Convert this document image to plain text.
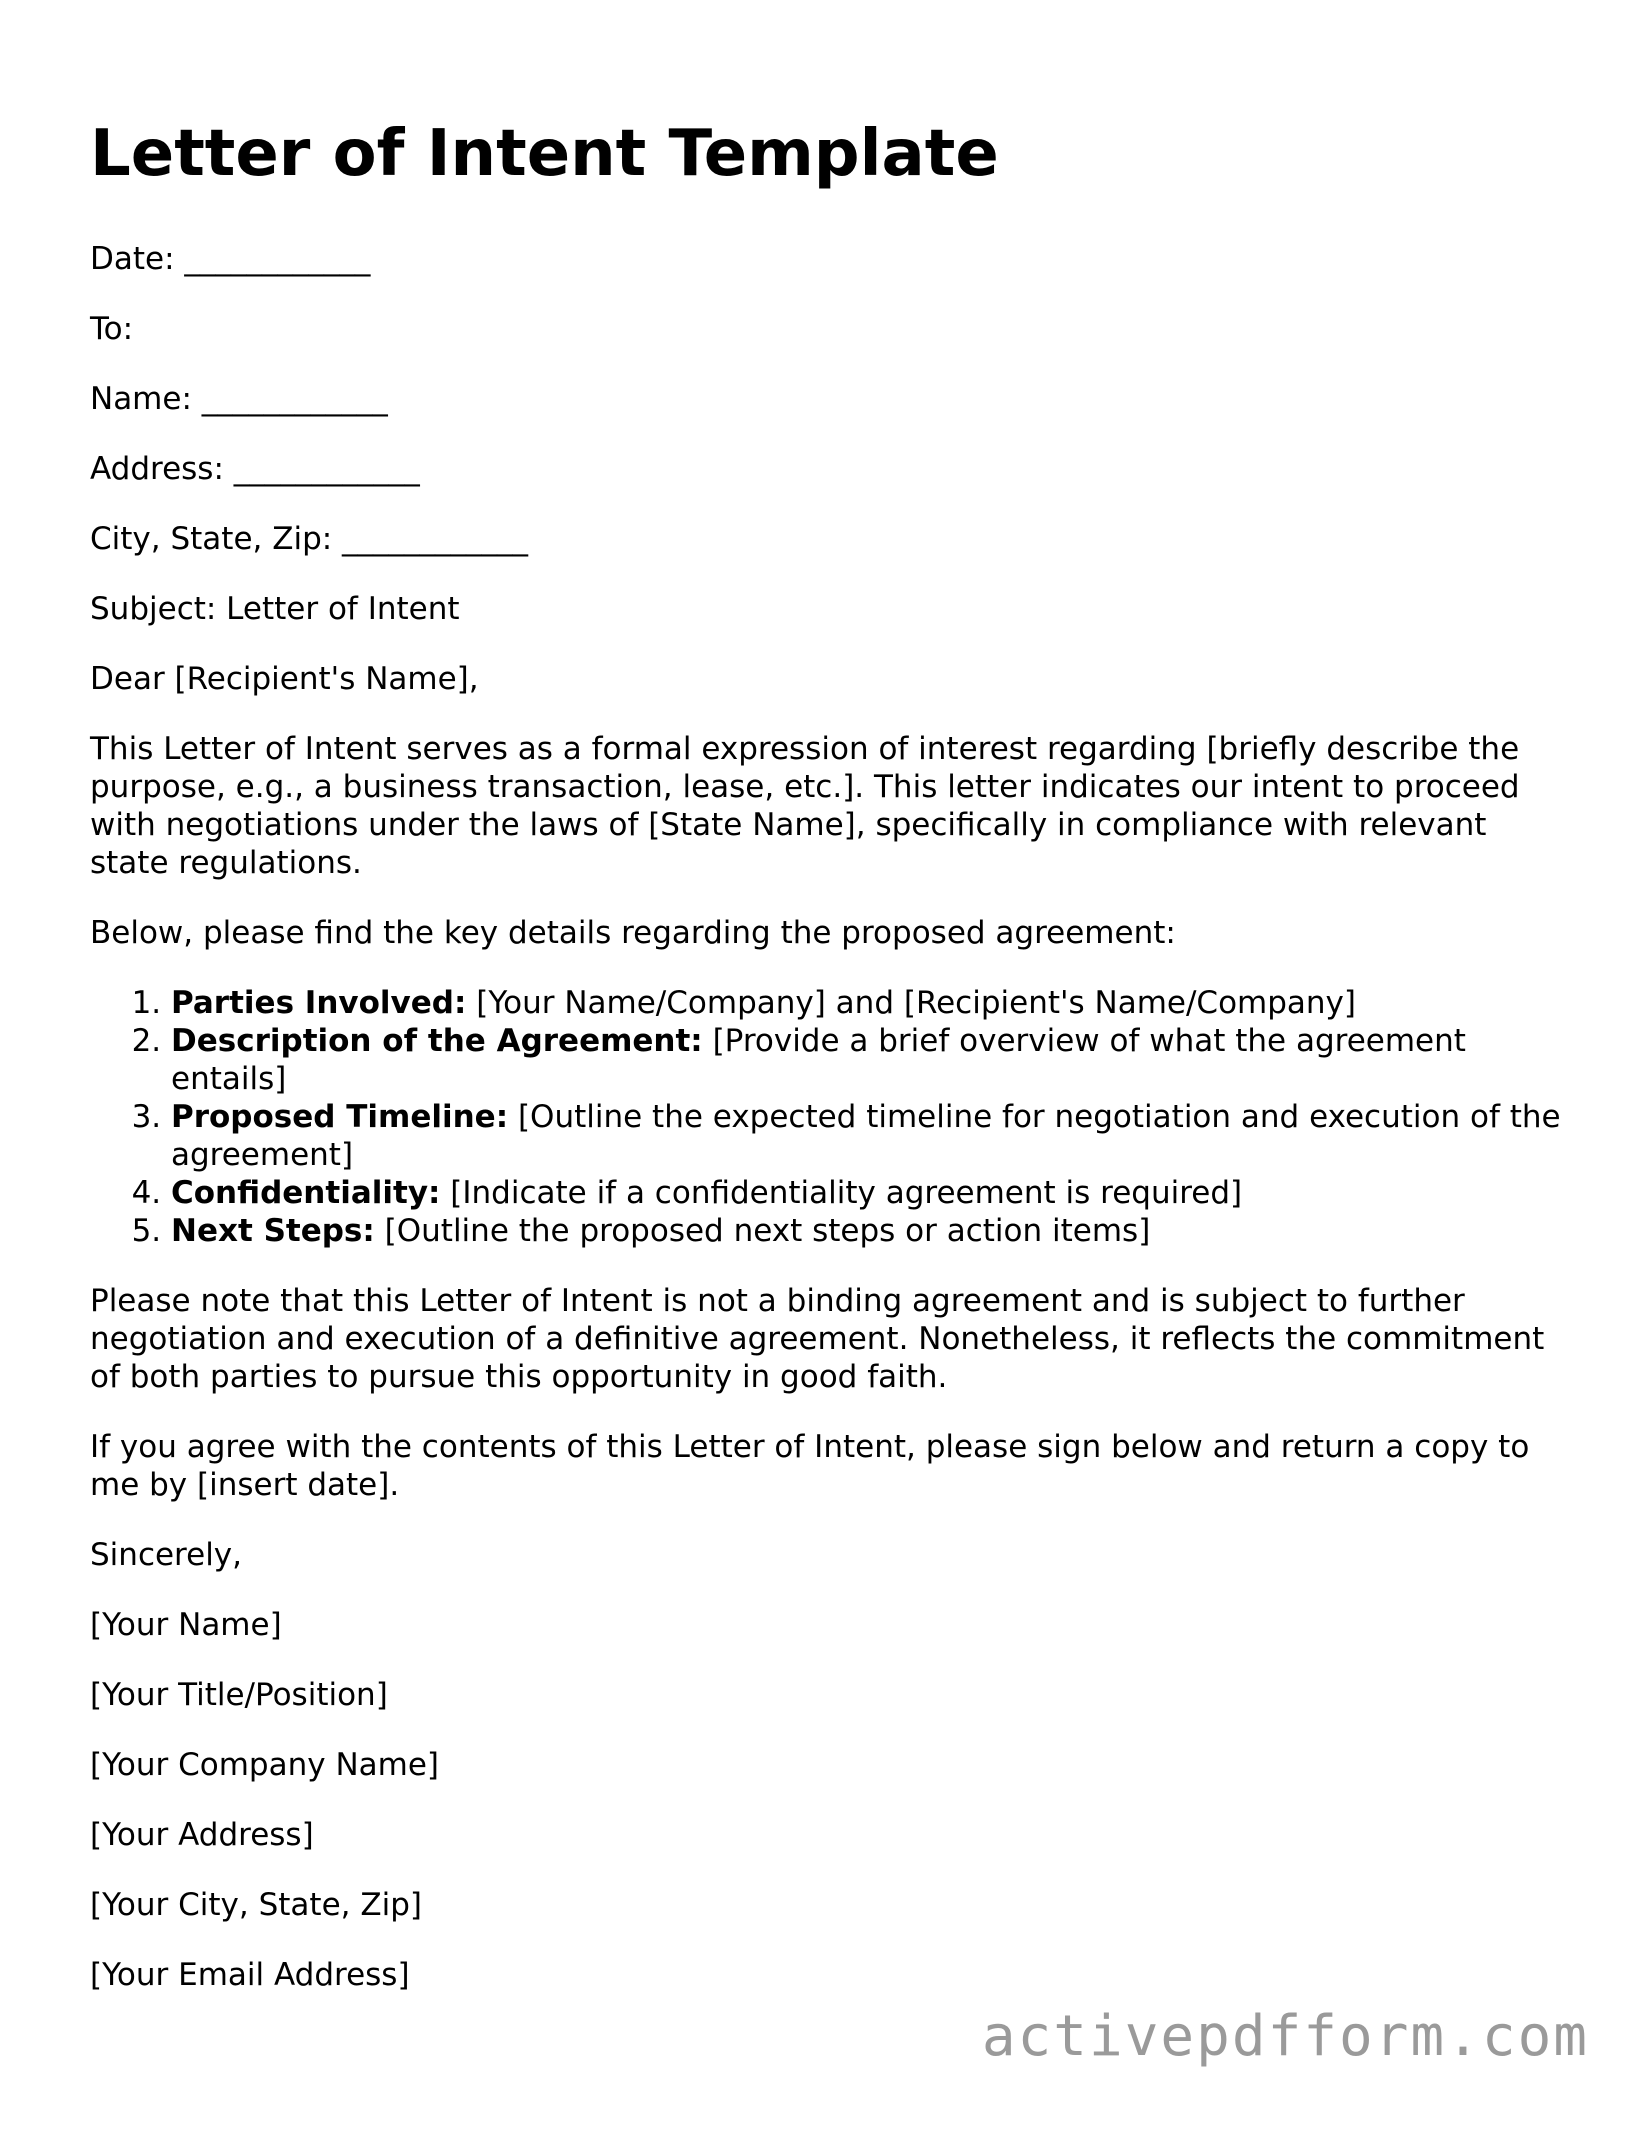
Letter of Intent Template

Date: ____________

To:

Name: ____________

Address: ____________

City, State, Zip: ____________

Subject: Letter of Intent

Dear [Recipient's Name],

This Letter of Intent serves as a formal expression of interest regarding [briefly describe the purpose, e.g., a business transaction, lease, etc.]. This letter indicates our intent to proceed with negotiations under the laws of [State Name], specifically in compliance with relevant state regulations.

Below, please find the key details regarding the proposed agreement:

1. Parties Involved: [Your Name/Company] and [Recipient's Name/Company]
2. Description of the Agreement: [Provide a brief overview of what the agreement entails]
3. Proposed Timeline: [Outline the expected timeline for negotiation and execution of the agreement]
4. Confidentiality: [Indicate if a confidentiality agreement is required]
5. Next Steps: [Outline the proposed next steps or action items]

Please note that this Letter of Intent is not a binding agreement and is subject to further negotiation and execution of a definitive agreement. Nonetheless, it reflects the commitment of both parties to pursue this opportunity in good faith.

If you agree with the contents of this Letter of Intent, please sign below and return a copy to me by [insert date].

Sincerely,

[Your Name]

[Your Title/Position]

[Your Company Name]

[Your Address]

[Your City, State, Zip]

[Your Email Address]

activepdfform.com
